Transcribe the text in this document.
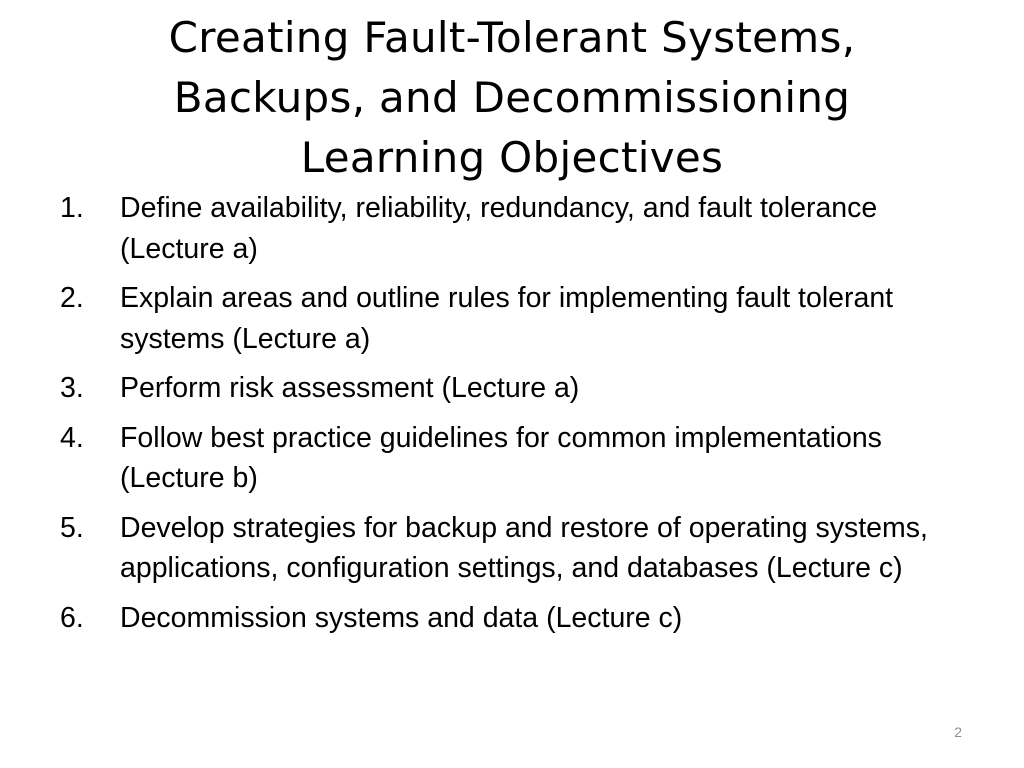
Creating Fault-Tolerant Systems,
Backups, and Decommissioning
Learning Objectives
1.	Define availability, reliability, redundancy, and fault tolerance (Lecture a)
2.	Explain areas and outline rules for implementing fault tolerant systems (Lecture a)
3.	Perform risk assessment (Lecture a)
4.	Follow best practice guidelines for common implementations (Lecture b)
5.	Develop strategies for backup and restore of operating systems, applications, configuration settings, and databases (Lecture c)
6.	Decommission systems and data (Lecture c)
2
